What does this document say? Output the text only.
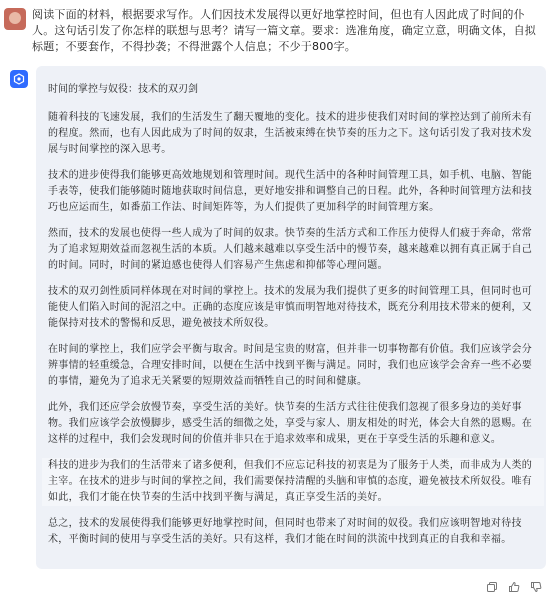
阅读下面的材料，根据要求写作。人们因技术发展得以更好地掌控时间，但也有人因此成了时间的仆人。这句话引发了你怎样的联想与思考？请写一篇文章。要求：选准角度，确定立意，明确文体，自拟标题；不要套作，不得抄袭；不得泄露个人信息；不少于800字。

时间的掌控与奴役：技术的双刃剑

随着科技的飞速发展，我们的生活发生了翻天覆地的变化。技术的进步使我们对时间的掌控达到了前所未有的程度。然而，也有人因此成为了时间的奴隶，生活被束缚在快节奏的压力之下。这句话引发了我对技术发展与时间掌控的深入思考。

技术的进步使得我们能够更高效地规划和管理时间。现代生活中的各种时间管理工具，如手机、电脑、智能手表等，使我们能够随时随地获取时间信息，更好地安排和调整自己的日程。此外，各种时间管理方法和技巧也应运而生，如番茄工作法、时间矩阵等，为人们提供了更加科学的时间管理方案。

然而，技术的发展也使得一些人成为了时间的奴隶。快节奏的生活方式和工作压力使得人们疲于奔命，常常为了追求短期效益而忽视生活的本质。人们越来越难以享受生活中的慢节奏，越来越难以拥有真正属于自己的时间。同时，时间的紧迫感也使得人们容易产生焦虑和抑郁等心理问题。

技术的双刃剑性质同样体现在对时间的掌控上。技术的发展为我们提供了更多的时间管理工具，但同时也可能使人们陷入时间的泥沼之中。正确的态度应该是审慎而明智地对待技术，既充分利用技术带来的便利，又能保持对技术的警惕和反思，避免被技术所奴役。

在时间的掌控上，我们应学会平衡与取舍。时间是宝贵的财富，但并非一切事物都有价值。我们应该学会分辨事情的轻重缓急，合理安排时间，以便在生活中找到平衡与满足。同时，我们也应该学会舍弃一些不必要的事情，避免为了追求无关紧要的短期效益而牺牲自己的时间和健康。

此外，我们还应学会放慢节奏，享受生活的美好。快节奏的生活方式往往使我们忽视了很多身边的美好事物。我们应该学会放慢脚步，感受生活的细微之处，享受与家人、朋友相处的时光，体会大自然的恩赐。在这样的过程中，我们会发现时间的价值并非只在于追求效率和成果，更在于享受生活的乐趣和意义。

科技的进步为我们的生活带来了诸多便利，但我们不应忘记科技的初衷是为了服务于人类，而非成为人类的主宰。在技术的进步与时间的掌控之间，我们需要保持清醒的头脑和审慎的态度，避免被技术所奴役。唯有如此，我们才能在快节奏的生活中找到平衡与满足，真正享受生活的美好。

总之，技术的发展使得我们能够更好地掌控时间，但同时也带来了对时间的奴役。我们应该明智地对待技术，平衡时间的使用与享受生活的美好。只有这样，我们才能在时间的洪流中找到真正的自我和幸福。
